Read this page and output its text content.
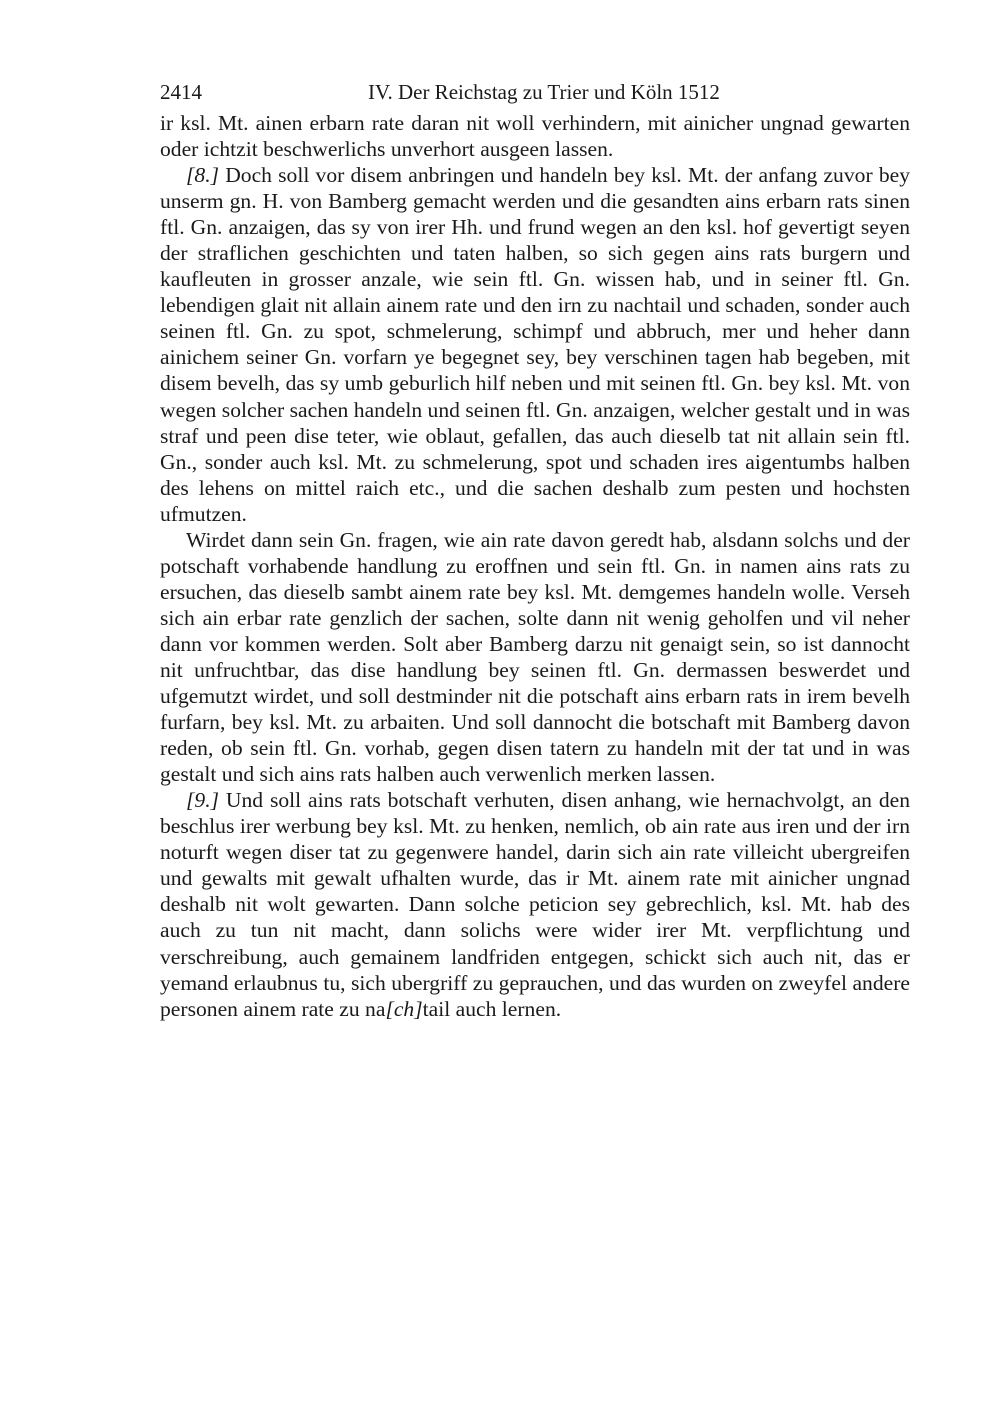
2414	IV. Der Reichstag zu Trier und Köln 1512

ir ksl. Mt. ainen erbarn rate daran nit woll verhindern, mit ainicher ungnad gewarten oder ichtzit beschwerlichs unverhort ausgeen lassen.

[8.] Doch soll vor disem anbringen und handeln bey ksl. Mt. der anfang zuvor bey unserm gn. H. von Bamberg gemacht werden und die gesandten ains erbarn rats sinen ftl. Gn. anzaigen, das sy von irer Hh. und frund wegen an den ksl. hof gevertigt seyen der straflichen geschichten und taten halben, so sich gegen ains rats burgern und kaufleuten in grosser anzale, wie sein ftl. Gn. wissen hab, und in seiner ftl. Gn. lebendigen glait nit allain ainem rate und den irn zu nachtail und schaden, sonder auch seinen ftl. Gn. zu spot, schmelerung, schimpf und abbruch, mer und heher dann ainichem seiner Gn. vorfarn ye begegnet sey, bey verschinen tagen hab begeben, mit disem bevelh, das sy umb geburlich hilf neben und mit seinen ftl. Gn. bey ksl. Mt. von wegen solcher sachen handeln und seinen ftl. Gn. anzaigen, welcher gestalt und in was straf und peen dise teter, wie oblaut, gefallen, das auch dieselb tat nit allain sein ftl. Gn., sonder auch ksl. Mt. zu schmelerung, spot und schaden ires aigentumbs halben des lehens on mittel raich etc., und die sachen deshalb zum pesten und hochsten ufmutzen.

Wirdet dann sein Gn. fragen, wie ain rate davon geredt hab, alsdann solchs und der potschaft vorhabende handlung zu eroffnen und sein ftl. Gn. in namen ains rats zu ersuchen, das dieselb sambt ainem rate bey ksl. Mt. demgemes handeln wolle. Verseh sich ain erbar rate genzlich der sachen, solte dann nit wenig geholfen und vil neher dann vor kommen werden. Solt aber Bamberg darzu nit genaigt sein, so ist dannocht nit unfruchtbar, das dise handlung bey seinen ftl. Gn. dermassen beswerdet und ufgemutzt wirdet, und soll destminder nit die potschaft ains erbarn rats in irem bevelh furfarn, bey ksl. Mt. zu arbaiten. Und soll dannocht die botschaft mit Bamberg davon reden, ob sein ftl. Gn. vorhab, gegen disen tatern zu handeln mit der tat und in was gestalt und sich ains rats halben auch verwenlich merken lassen.

[9.] Und soll ains rats botschaft verhuten, disen anhang, wie hernachvolgt, an den beschlus irer werbung bey ksl. Mt. zu henken, nemlich, ob ain rate aus iren und der irn noturft wegen diser tat zu gegenwere handel, darin sich ain rate villeicht ubergreifen und gewalts mit gewalt ufhalten wurde, das ir Mt. ainem rate mit ainicher ungnad deshalb nit wolt gewarten. Dann solche peticion sey gebrechlich, ksl. Mt. hab des auch zu tun nit macht, dann solichs were wider irer Mt. verpflichtung und verschreibung, auch gemainem landfriden entgegen, schickt sich auch nit, das er yemand erlaubnus tu, sich ubergriff zu geprauchen, und das wurden on zweyfel andere personen ainem rate zu na[ch]tail auch lernen.
